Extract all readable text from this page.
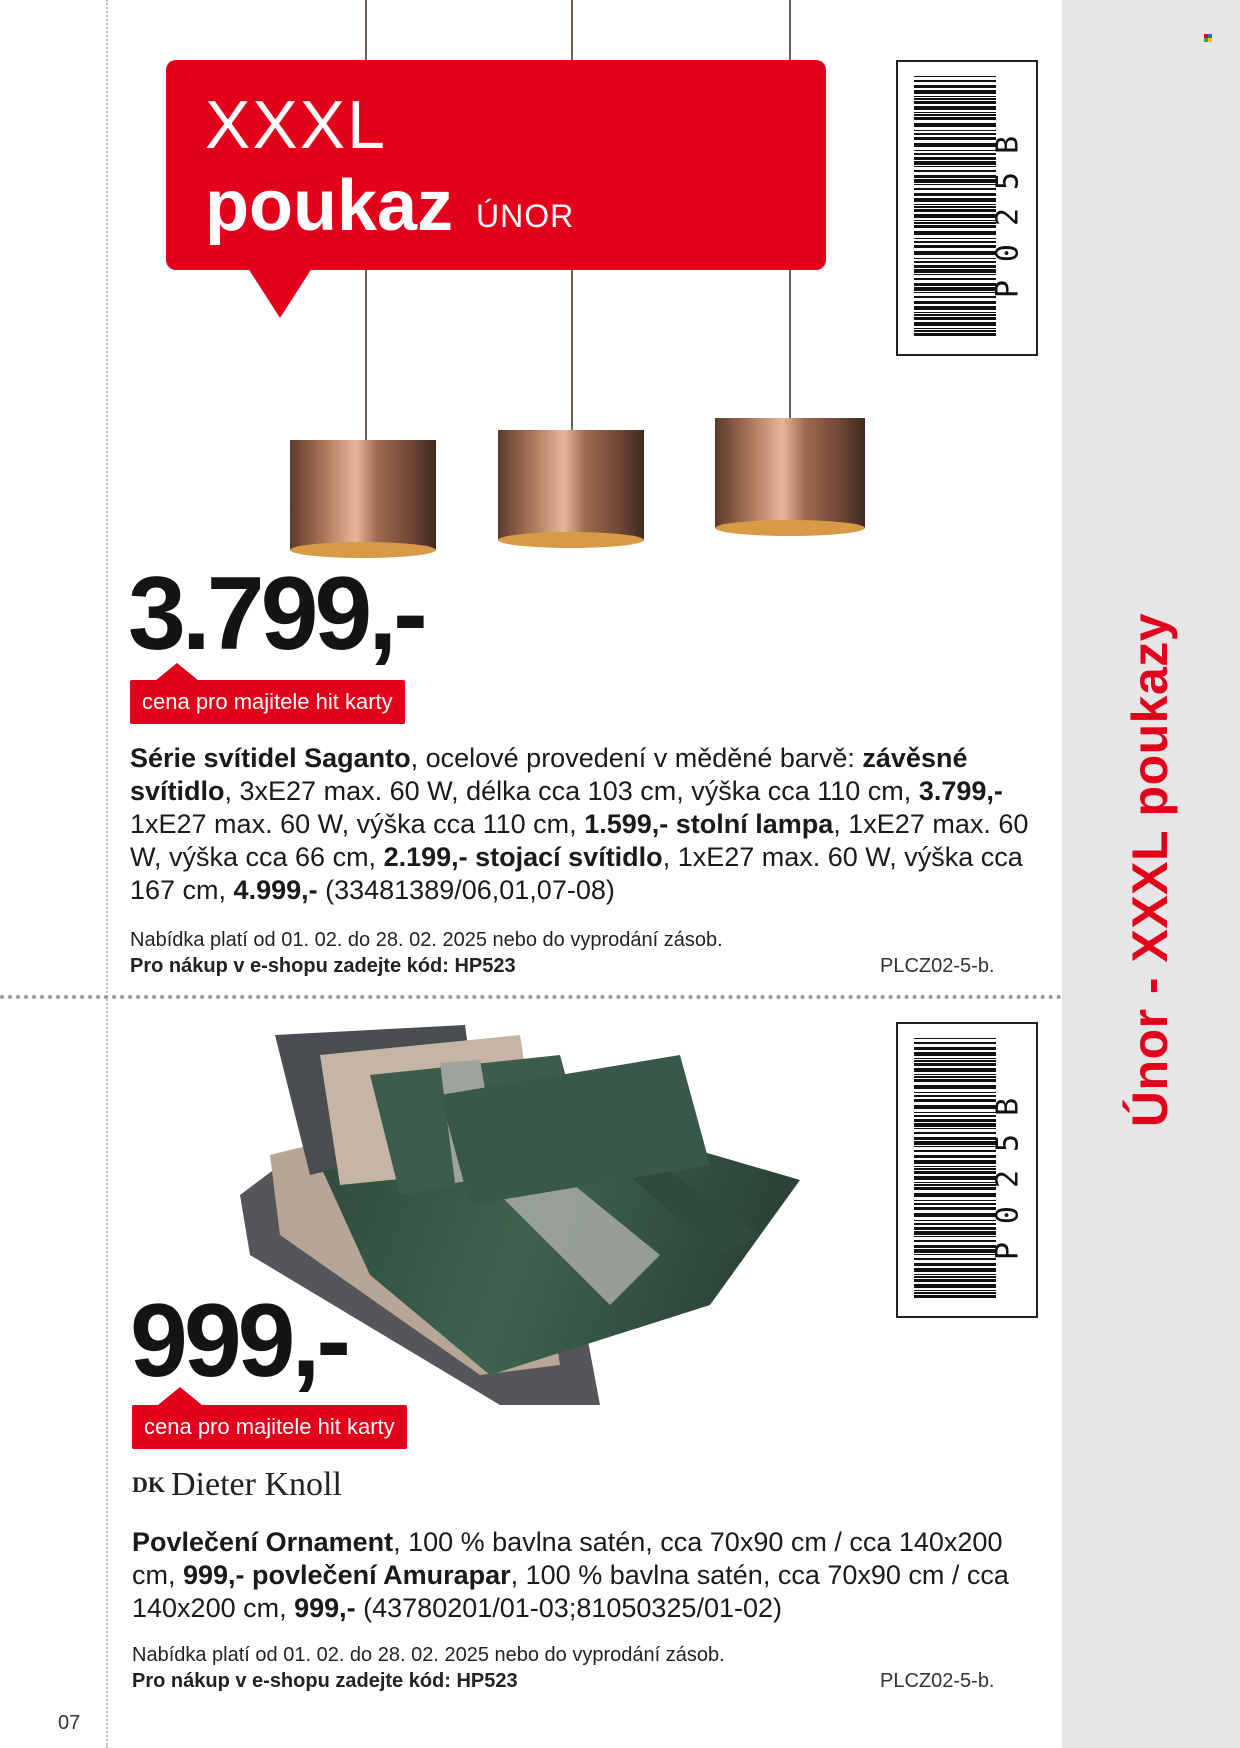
Únor - XXXL poukazy
07
XXXL
poukaz ÚNOR	P025B
3.799,-
cena pro majitele hit karty
Série svítidel Saganto, ocelové provedení v měděné barvě: závěsné svítidlo, 3xE27 max. 60 W, délka cca 103 cm, výška cca 110 cm, 3.799,- 1xE27 max. 60 W, výška cca 110 cm, 1.599,- stolní lampa, 1xE27 max. 60 W, výška cca 66 cm, 2.199,- stojací svítidlo, 1xE27 max. 60 W, výška cca 167 cm, 4.999,- (33481389/06,01,07-08)
Nabídka platí od 01. 02. do 28. 02. 2025 nebo do vyprodání zásob.
Pro nákup v e-shopu zadejte kód: HP523	PLCZ02-5-b.
P025B
999,-
cena pro majitele hit karty
DK Dieter Knoll
Povlečení Ornament, 100 % bavlna satén, cca 70x90 cm / cca 140x200 cm, 999,- povlečení Amurapar, 100 % bavlna satén, cca 70x90 cm / cca 140x200 cm, 999,- (43780201/01-03;81050325/01-02)
Nabídka platí od 01. 02. do 28. 02. 2025 nebo do vyprodání zásob.
Pro nákup v e-shopu zadejte kód: HP523	PLCZ02-5-b.
